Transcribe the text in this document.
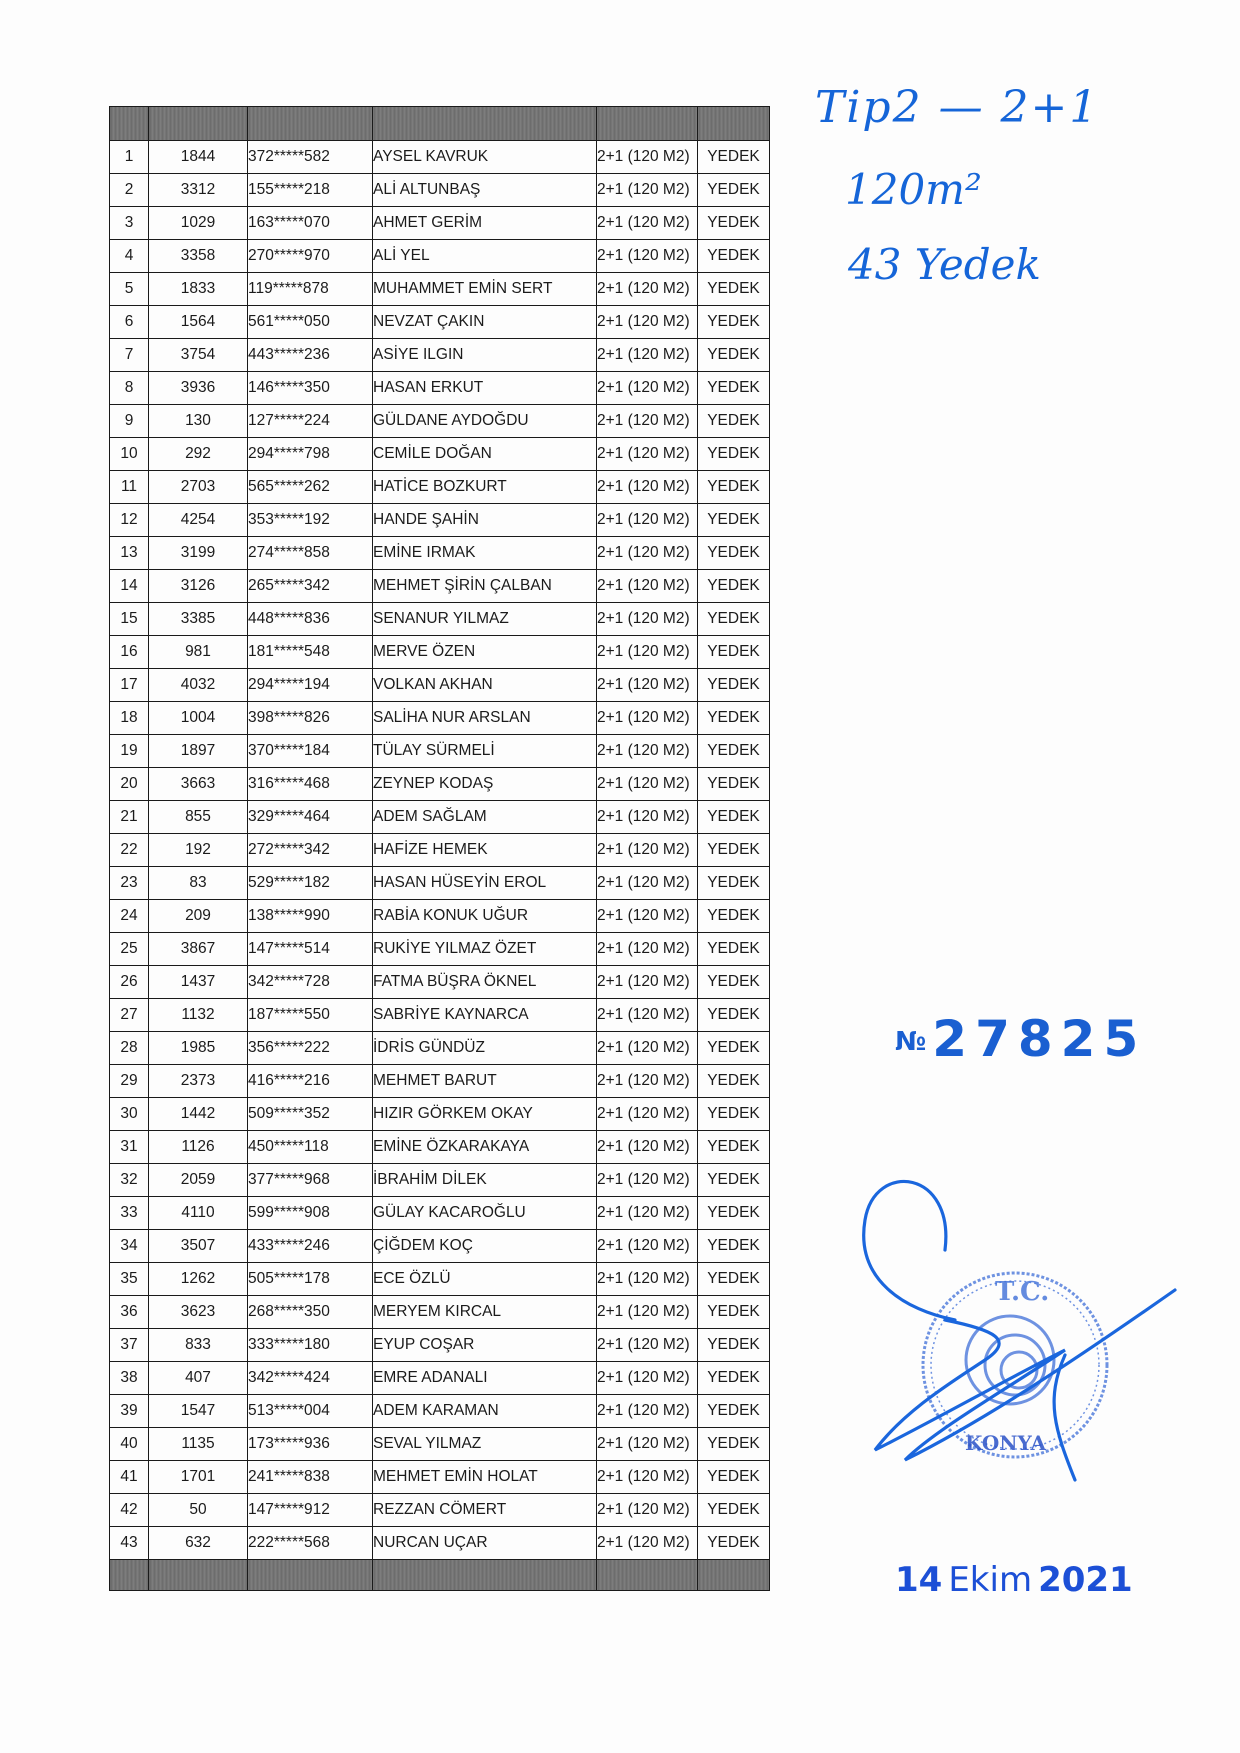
1	1844	372*****582	AYSEL KAVRUK	2+1 (120 M2)	YEDEK
2	3312	155*****218	ALİ ALTUNBAŞ	2+1 (120 M2)	YEDEK
3	1029	163*****070	AHMET GERİM	2+1 (120 M2)	YEDEK
4	3358	270*****970	ALİ YEL	2+1 (120 M2)	YEDEK
5	1833	119*****878	MUHAMMET EMİN SERT	2+1 (120 M2)	YEDEK
6	1564	561*****050	NEVZAT ÇAKIN	2+1 (120 M2)	YEDEK
7	3754	443*****236	ASİYE ILGIN	2+1 (120 M2)	YEDEK
8	3936	146*****350	HASAN ERKUT	2+1 (120 M2)	YEDEK
9	130	127*****224	GÜLDANE AYDOĞDU	2+1 (120 M2)	YEDEK
10	292	294*****798	CEMİLE DOĞAN	2+1 (120 M2)	YEDEK
11	2703	565*****262	HATİCE BOZKURT	2+1 (120 M2)	YEDEK
12	4254	353*****192	HANDE ŞAHİN	2+1 (120 M2)	YEDEK
13	3199	274*****858	EMİNE IRMAK	2+1 (120 M2)	YEDEK
14	3126	265*****342	MEHMET ŞİRİN ÇALBAN	2+1 (120 M2)	YEDEK
15	3385	448*****836	SENANUR YILMAZ	2+1 (120 M2)	YEDEK
16	981	181*****548	MERVE ÖZEN	2+1 (120 M2)	YEDEK
17	4032	294*****194	VOLKAN AKHAN	2+1 (120 M2)	YEDEK
18	1004	398*****826	SALİHA NUR ARSLAN	2+1 (120 M2)	YEDEK
19	1897	370*****184	TÜLAY SÜRMELİ	2+1 (120 M2)	YEDEK
20	3663	316*****468	ZEYNEP KODAŞ	2+1 (120 M2)	YEDEK
21	855	329*****464	ADEM SAĞLAM	2+1 (120 M2)	YEDEK
22	192	272*****342	HAFİZE HEMEK	2+1 (120 M2)	YEDEK
23	83	529*****182	HASAN HÜSEYİN EROL	2+1 (120 M2)	YEDEK
24	209	138*****990	RABİA KONUK UĞUR	2+1 (120 M2)	YEDEK
25	3867	147*****514	RUKİYE YILMAZ ÖZET	2+1 (120 M2)	YEDEK
26	1437	342*****728	FATMA BÜŞRA ÖKNEL	2+1 (120 M2)	YEDEK
27	1132	187*****550	SABRİYE KAYNARCA	2+1 (120 M2)	YEDEK
28	1985	356*****222	İDRİS GÜNDÜZ	2+1 (120 M2)	YEDEK
29	2373	416*****216	MEHMET BARUT	2+1 (120 M2)	YEDEK
30	1442	509*****352	HIZIR GÖRKEM OKAY	2+1 (120 M2)	YEDEK
31	1126	450*****118	EMİNE ÖZKARAKAYA	2+1 (120 M2)	YEDEK
32	2059	377*****968	İBRAHİM DİLEK	2+1 (120 M2)	YEDEK
33	4110	599*****908	GÜLAY KACAROĞLU	2+1 (120 M2)	YEDEK
34	3507	433*****246	ÇİĞDEM KOÇ	2+1 (120 M2)	YEDEK
35	1262	505*****178	ECE ÖZLÜ	2+1 (120 M2)	YEDEK
36	3623	268*****350	MERYEM KIRCAL	2+1 (120 M2)	YEDEK
37	833	333*****180	EYUP COŞAR	2+1 (120 M2)	YEDEK
38	407	342*****424	EMRE ADANALI	2+1 (120 M2)	YEDEK
39	1547	513*****004	ADEM KARAMAN	2+1 (120 M2)	YEDEK
40	1135	173*****936	SEVAL YILMAZ	2+1 (120 M2)	YEDEK
41	1701	241*****838	MEHMET EMİN HOLAT	2+1 (120 M2)	YEDEK
42	50	147*****912	REZZAN CÖMERT	2+1 (120 M2)	YEDEK
43	632	222*****568	NURCAN UÇAR	2+1 (120 M2)	YEDEK

Tip2 — 2+1
120m²
43 Yedek
№ 27825
T.C.
KONYA
14 Ekim 2021
